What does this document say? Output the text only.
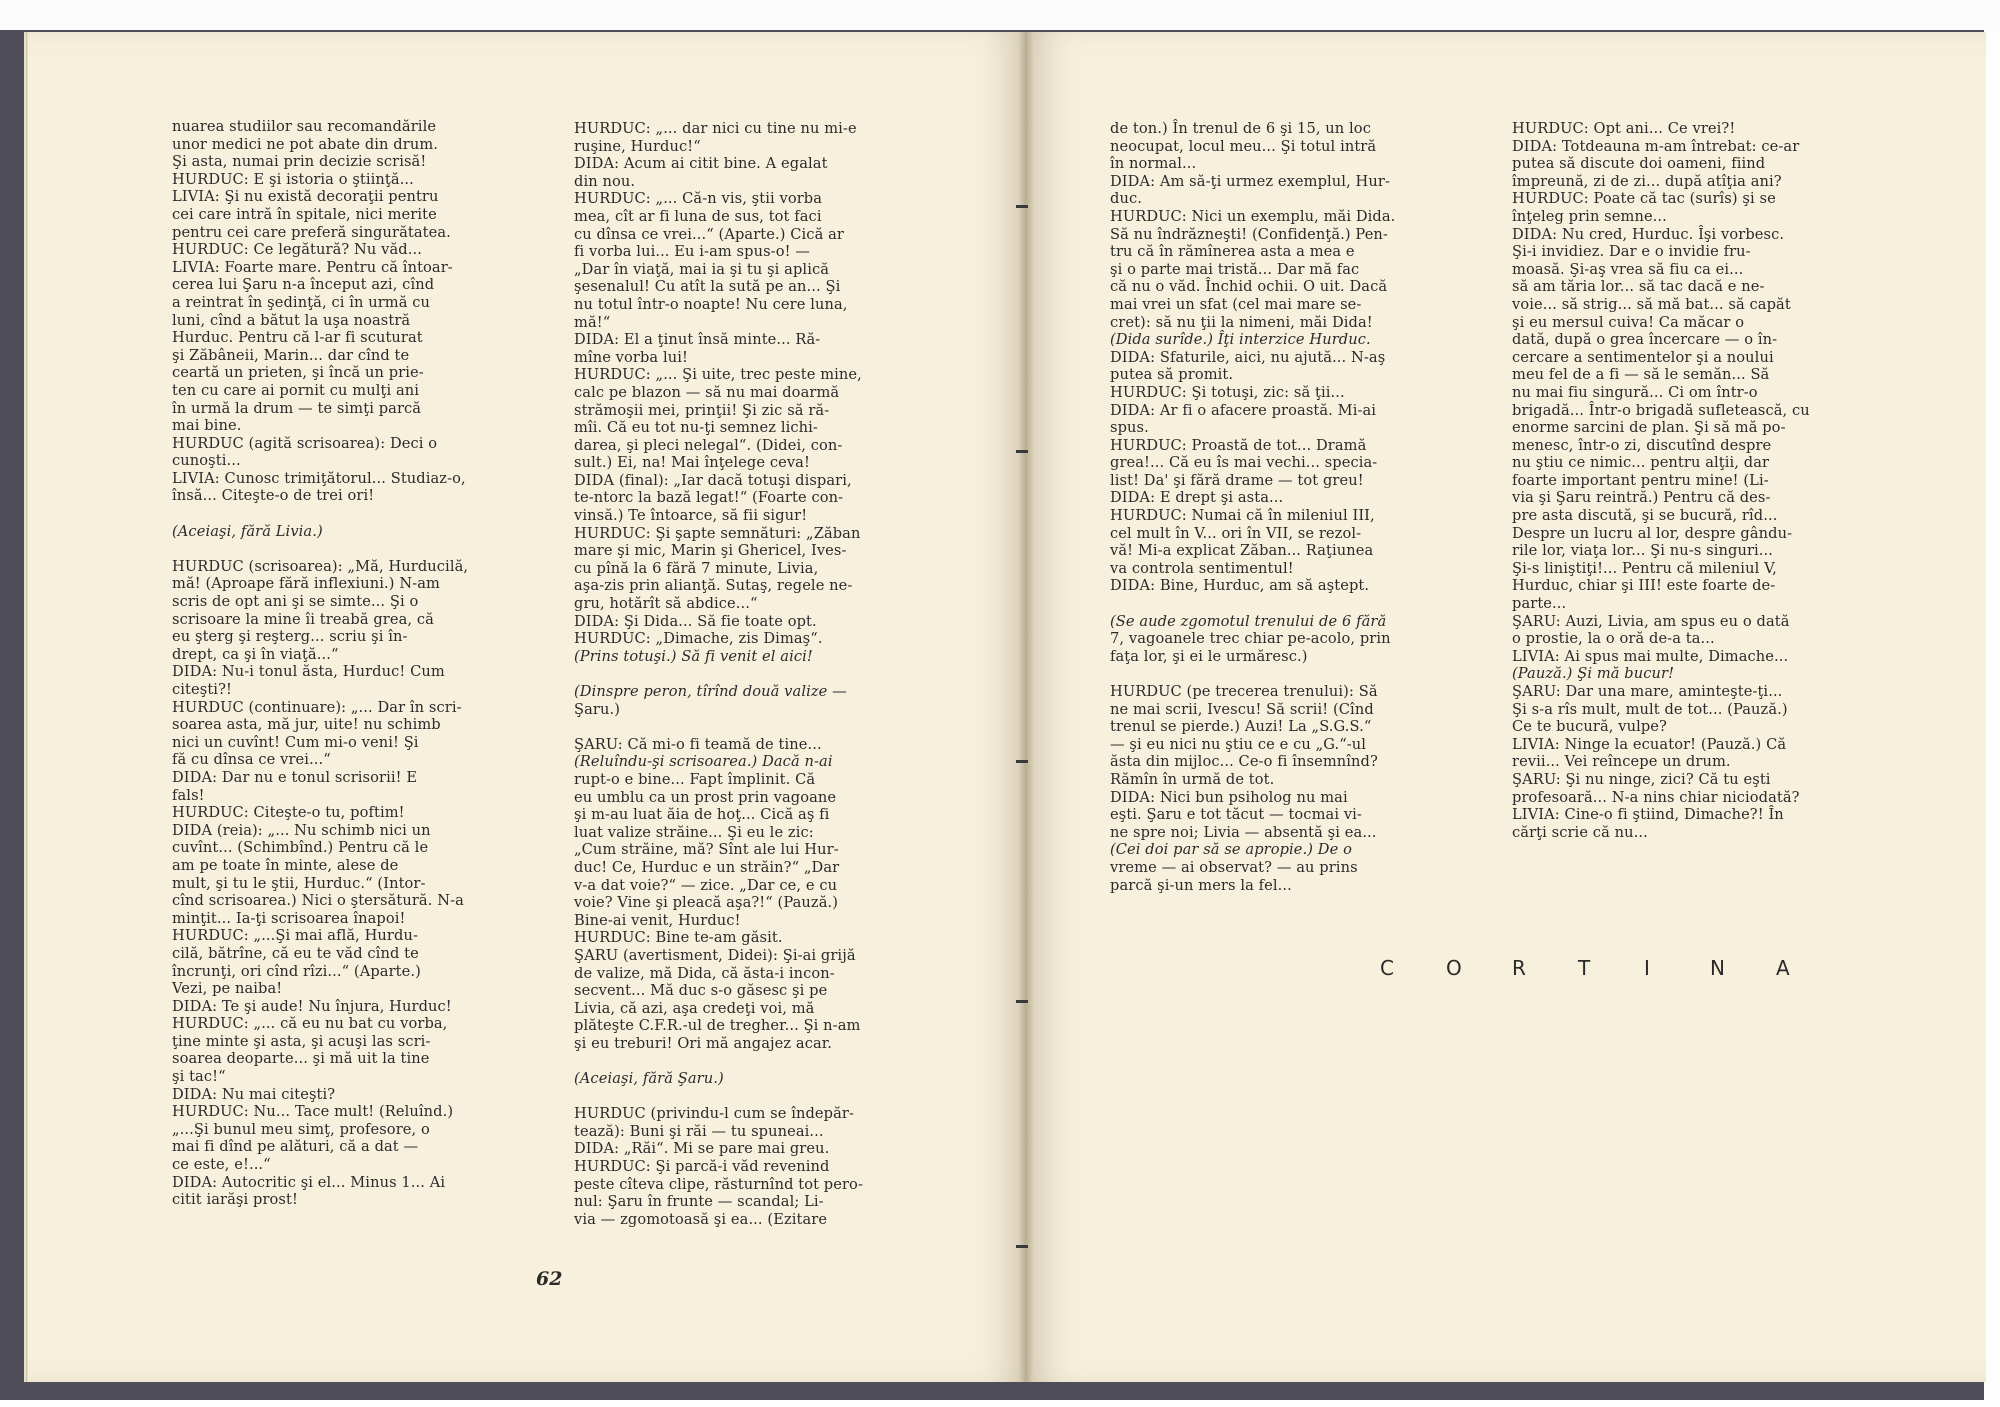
nuarea studiilor sau recomandările
unor medici ne pot abate din drum.
Şi asta, numai prin decizie scrisă!
HURDUC: E şi istoria o ştiinţă...
LIVIA: Şi nu există decoraţii pentru
cei care intră în spitale, nici merite
pentru cei care preferă singurătatea.
HURDUC: Ce legătură? Nu văd...
LIVIA: Foarte mare. Pentru că întoar-
cerea lui Şaru n-a început azi, cînd
a reintrat în şedinţă, ci în urmă cu
luni, cînd a bătut la uşa noastră
Hurduc. Pentru că l-ar fi scuturat
şi Zăbâneii, Marin... dar cînd te
ceartă un prieten, şi încă un prie-
ten cu care ai pornit cu mulţi ani
în urmă la drum — te simţi parcă
mai bine.
HURDUC (agită scrisoarea): Deci o
cunoşti...
LIVIA: Cunosc trimiţătorul... Studiaz-o,
însă... Citeşte-o de trei ori!
(Aceiaşi, fără Livia.)
HURDUC (scrisoarea): „Mă, Hurducilă,
mă! (Aproape fără inflexiuni.) N-am
scris de opt ani şi se simte... Şi o
scrisoare la mine îi treabă grea, că
eu şterg şi reşterg... scriu şi în-
drept, ca şi în viaţă...“
DIDA: Nu-i tonul ăsta, Hurduc! Cum
citeşti?!
HURDUC (continuare): „... Dar în scri-
soarea asta, mă jur, uite! nu schimb
nici un cuvînt! Cum mi-o veni! Şi
fă cu dînsa ce vrei...“
DIDA: Dar nu e tonul scrisorii! E
fals!
HURDUC: Citeşte-o tu, poftim!
DIDA (reia): „... Nu schimb nici un
cuvînt... (Schimbînd.) Pentru că le
am pe toate în minte, alese de
mult, şi tu le ştii, Hurduc.“ (Intor-
cînd scrisoarea.) Nici o ştersătură. N-a
minţit... Ia-ţi scrisoarea înapoi!
HURDUC: „...Şi mai află, Hurdu-
cilă, bătrîne, că eu te văd cînd te
încrunţi, ori cînd rîzi...“ (Aparte.)
Vezi, pe naiba!
DIDA: Te şi aude! Nu înjura, Hurduc!
HURDUC: „... că eu nu bat cu vorba,
ţine minte şi asta, şi acuşi las scri-
soarea deoparte... şi mă uit la tine
şi tac!“
DIDA: Nu mai citeşti?
HURDUC: Nu... Tace mult! (Reluînd.)
„...Şi bunul meu simţ, profesore, o
mai fi dînd pe alături, că a dat —
ce este, e!...“
DIDA: Autocritic şi el... Minus 1... Ai
citit iarăşi prost!
HURDUC: „... dar nici cu tine nu mi-e
ruşine, Hurduc!“
DIDA: Acum ai citit bine. A egalat
din nou.
HURDUC: „... Că-n vis, ştii vorba
mea, cît ar fi luna de sus, tot faci
cu dînsa ce vrei...“ (Aparte.) Cică ar
fi vorba lui... Eu i-am spus-o! —
„Dar în viaţă, mai ia şi tu şi aplică
şesenalul! Cu atît la sută pe an... Şi
nu totul într-o noapte! Nu cere luna,
mă!“
DIDA: El a ţinut însă minte... Ră-
mîne vorba lui!
HURDUC: „... Şi uite, trec peste mine,
calc pe blazon — să nu mai doarmă
strămoşii mei, prinţii! Şi zic să ră-
mîi. Că eu tot nu-ţi semnez lichi-
darea, şi pleci nelegal“. (Didei, con-
sult.) Ei, na! Mai înţelege ceva!
DIDA (final): „Iar dacă totuşi dispari,
te-ntorc la bază legat!“ (Foarte con-
vinsă.) Te întoarce, să fii sigur!
HURDUC: Şi şapte semnături: „Zăban
mare şi mic, Marin şi Ghericel, Ives-
cu pînă la 6 fără 7 minute, Livia,
aşa-zis prin alianţă. Sutaş, regele ne-
gru, hotărît să abdice...“
DIDA: Şi Dida... Să fie toate opt.
HURDUC: „Dimache, zis Dimaş“.
(Prins totuşi.) Să fi venit el aici!
(Dinspre peron, tîrînd două valize —
Şaru.)
ŞARU: Că mi-o fi teamă de tine...
(Reluîndu-şi scrisoarea.) Dacă n-ai
rupt-o e bine... Fapt împlinit. Că
eu umblu ca un prost prin vagoane
şi m-au luat ăia de hoţ... Cică aş fi
luat valize străine... Şi eu le zic:
„Cum străine, mă? Sînt ale lui Hur-
duc! Ce, Hurduc e un străin?“ „Dar
v-a dat voie?“ — zice. „Dar ce, e cu
voie? Vine şi pleacă aşa?!“ (Pauză.)
Bine-ai venit, Hurduc!
HURDUC: Bine te-am găsit.
ŞARU (avertisment, Didei): Şi-ai grijă
de valize, mă Dida, că ăsta-i incon-
secvent... Mă duc s-o găsesc şi pe
Livia, că azi, aşa credeţi voi, mă
plăteşte C.F.R.-ul de tregher... Şi n-am
şi eu treburi! Ori mă angajez acar.
(Aceiaşi, fără Şaru.)
HURDUC (privindu-l cum se îndepăr-
tează): Buni şi răi — tu spuneai...
DIDA: „Răi“. Mi se pare mai greu.
HURDUC: Şi parcă-i văd revenind
peste cîteva clipe, răsturnînd tot pero-
nul: Şaru în frunte — scandal; Li-
via — zgomotoasă şi ea... (Ezitare
de ton.) În trenul de 6 şi 15, un loc
neocupat, locul meu... Şi totul intră
în normal...
DIDA: Am să-ţi urmez exemplul, Hur-
duc.
HURDUC: Nici un exemplu, măi Dida.
Să nu îndrăzneşti! (Confidenţă.) Pen-
tru că în rămînerea asta a mea e
şi o parte mai tristă... Dar mă fac
că nu o văd. Închid ochii. O uit. Dacă
mai vrei un sfat (cel mai mare se-
cret): să nu ţii la nimeni, măi Dida!
(Dida surîde.) Îţi interzice Hurduc.
DIDA: Sfaturile, aici, nu ajută... N-aş
putea să promit.
HURDUC: Şi totuşi, zic: să ţii...
DIDA: Ar fi o afacere proastă. Mi-ai
spus.
HURDUC: Proastă de tot... Dramă
grea!... Că eu îs mai vechi... specia-
list! Da' şi fără drame — tot greu!
DIDA: E drept şi asta...
HURDUC: Numai că în mileniul III,
cel mult în V... ori în VII, se rezol-
vă! Mi-a explicat Zăban... Raţiunea
va controla sentimentul!
DIDA: Bine, Hurduc, am să aştept.
(Se aude zgomotul trenului de 6 fără
7, vagoanele trec chiar pe-acolo, prin
faţa lor, şi ei le urmăresc.)
HURDUC (pe trecerea trenului): Să
ne mai scrii, Ivescu! Să scrii! (Cînd
trenul se pierde.) Auzi! La „S.G.S.“
— şi eu nici nu ştiu ce e cu „G.“-ul
ăsta din mijloc... Ce-o fi însemnînd?
Rămîn în urmă de tot.
DIDA: Nici bun psiholog nu mai
eşti. Şaru e tot tăcut — tocmai vi-
ne spre noi; Livia — absentă şi ea...
(Cei doi par să se apropie.) De o
vreme — ai observat? — au prins
parcă şi-un mers la fel...
HURDUC: Opt ani... Ce vrei?!
DIDA: Totdeauna m-am întrebat: ce-ar
putea să discute doi oameni, fiind
împreună, zi de zi... după atîţia ani?
HURDUC: Poate că tac (surîs) şi se
înţeleg prin semne...
DIDA: Nu cred, Hurduc. Îşi vorbesc.
Şi-i invidiez. Dar e o invidie fru-
moasă. Şi-aş vrea să fiu ca ei...
să am tăria lor... să tac dacă e ne-
voie... să strig... să mă bat... să capăt
şi eu mersul cuiva! Ca măcar o
dată, după o grea încercare — o în-
cercare a sentimentelor şi a noului
meu fel de a fi — să le semăn... Să
nu mai fiu singură... Ci om într-o
brigadă... Într-o brigadă sufletească, cu
enorme sarcini de plan. Şi să mă po-
menesc, într-o zi, discutînd despre
nu ştiu ce nimic... pentru alţii, dar
foarte important pentru mine! (Li-
via şi Şaru reintră.) Pentru că des-
pre asta discută, şi se bucură, rîd...
Despre un lucru al lor, despre gându-
rile lor, viaţa lor... Şi nu-s singuri...
Şi-s liniştiţi!... Pentru că mileniul V,
Hurduc, chiar şi III! este foarte de-
parte...
ŞARU: Auzi, Livia, am spus eu o dată
o prostie, la o oră de-a ta...
LIVIA: Ai spus mai multe, Dimache...
(Pauză.) Şi mă bucur!
ŞARU: Dar una mare, aminteşte-ţi...
Şi s-a rîs mult, mult de tot... (Pauză.)
Ce te bucură, vulpe?
LIVIA: Ninge la ecuator! (Pauză.) Că
revii... Vei reîncepe un drum.
ŞARU: Şi nu ninge, zici? Că tu eşti
profesoară... N-a nins chiar niciodată?
LIVIA: Cine-o fi ştiind, Dimache?! În
cărţi scrie că nu...
62
C	O	R	T	I	N	A
